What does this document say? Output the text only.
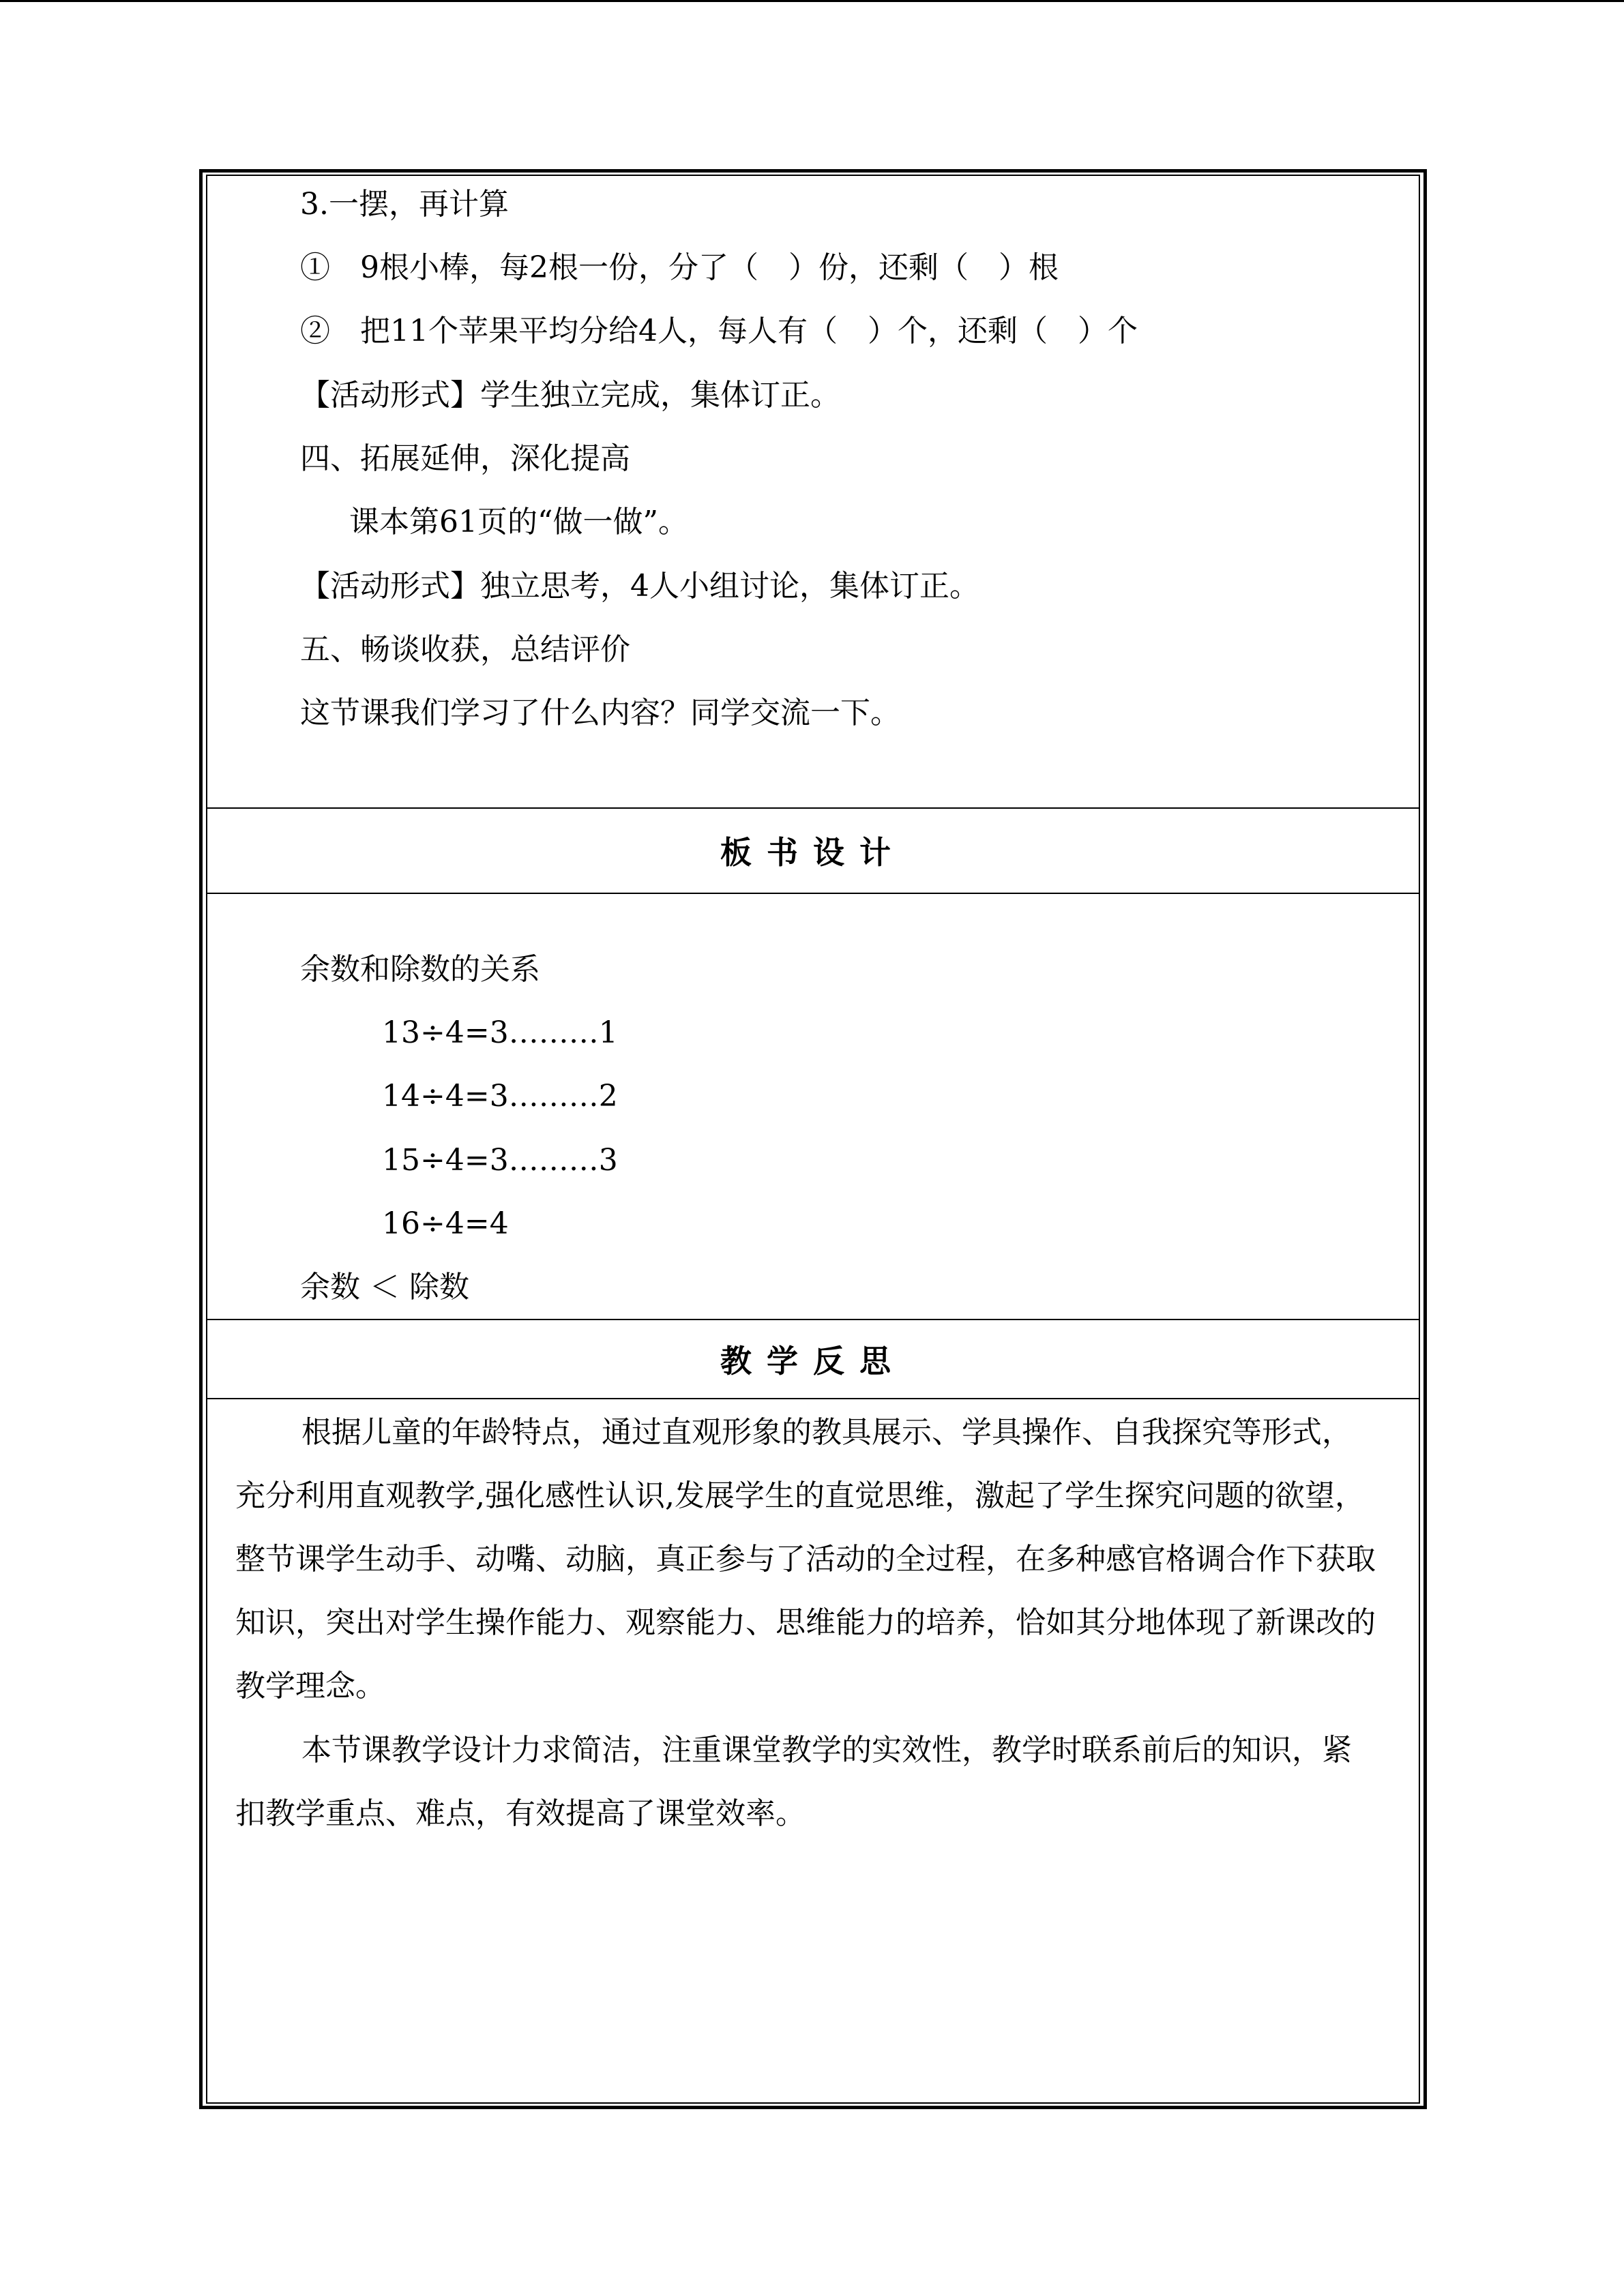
3.一摆，再计算
①　9根小棒，每2根一份，分了（　）份，还剩（　）根
②　把11个苹果平均分给4人，每人有（　）个，还剩（　）个
【活动形式】学生独立完成，集体订正。
四、拓展延伸，深化提高
课本第61页的“做一做”。
【活动形式】独立思考，4人小组讨论，集体订正。
五、畅谈收获，总结评价
这节课我们学习了什么内容？同学交流一下。
板书设计
余数和除数的关系
13÷4=3………1
14÷4=3………2
15÷4=3………3
16÷4=4
余数 ＜ 除数
教学反思
根据儿童的年龄特点，通过直观形象的教具展示、学具操作、自我探究等形式，充分利用直观教学,强化感性认识,发展学生的直觉思维，激起了学生探究问题的欲望，整节课学生动手、动嘴、动脑，真正参与了活动的全过程，在多种感官格调合作下获取知识，突出对学生操作能力、观察能力、思维能力的培养，恰如其分地体现了新课改的教学理念。
本节课教学设计力求简洁，注重课堂教学的实效性，教学时联系前后的知识，紧扣教学重点、难点，有效提高了课堂效率。
